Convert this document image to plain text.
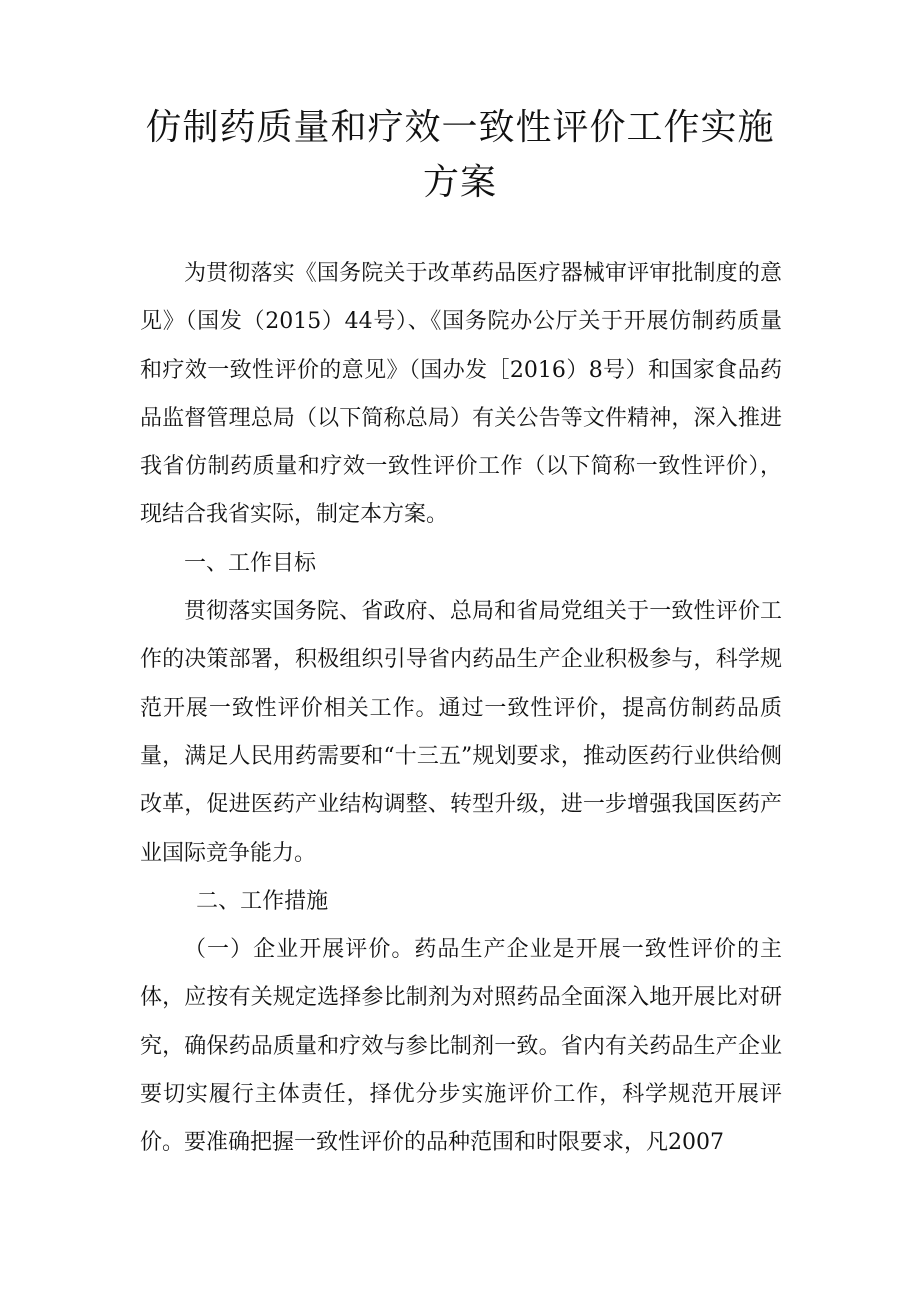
仿制药质量和疗效一致性评价工作实施方案

为贯彻落实《国务院关于改革药品医疗器械审评审批制度的意见》（国发（2015）44号）、《国务院办公厅关于开展仿制药质量和疗效一致性评价的意见》（国办发［2016）8号）和国家食品药品监督管理总局（以下简称总局）有关公告等文件精神，深入推进我省仿制药质量和疗效一致性评价工作（以下简称一致性评价），现结合我省实际，制定本方案。

一、工作目标

贯彻落实国务院、省政府、总局和省局党组关于一致性评价工作的决策部署，积极组织引导省内药品生产企业积极参与，科学规范开展一致性评价相关工作。通过一致性评价，提高仿制药品质量，满足人民用药需要和“十三五”规划要求，推动医药行业供给侧改革，促进医药产业结构调整、转型升级，进一步增强我国医药产业国际竞争能力。

二、工作措施

（一）企业开展评价。药品生产企业是开展一致性评价的主体，应按有关规定选择参比制剂为对照药品全面深入地开展比对研究，确保药品质量和疗效与参比制剂一致。省内有关药品生产企业要切实履行主体责任，择优分步实施评价工作，科学规范开展评价。要准确把握一致性评价的品种范围和时限要求，凡2007
